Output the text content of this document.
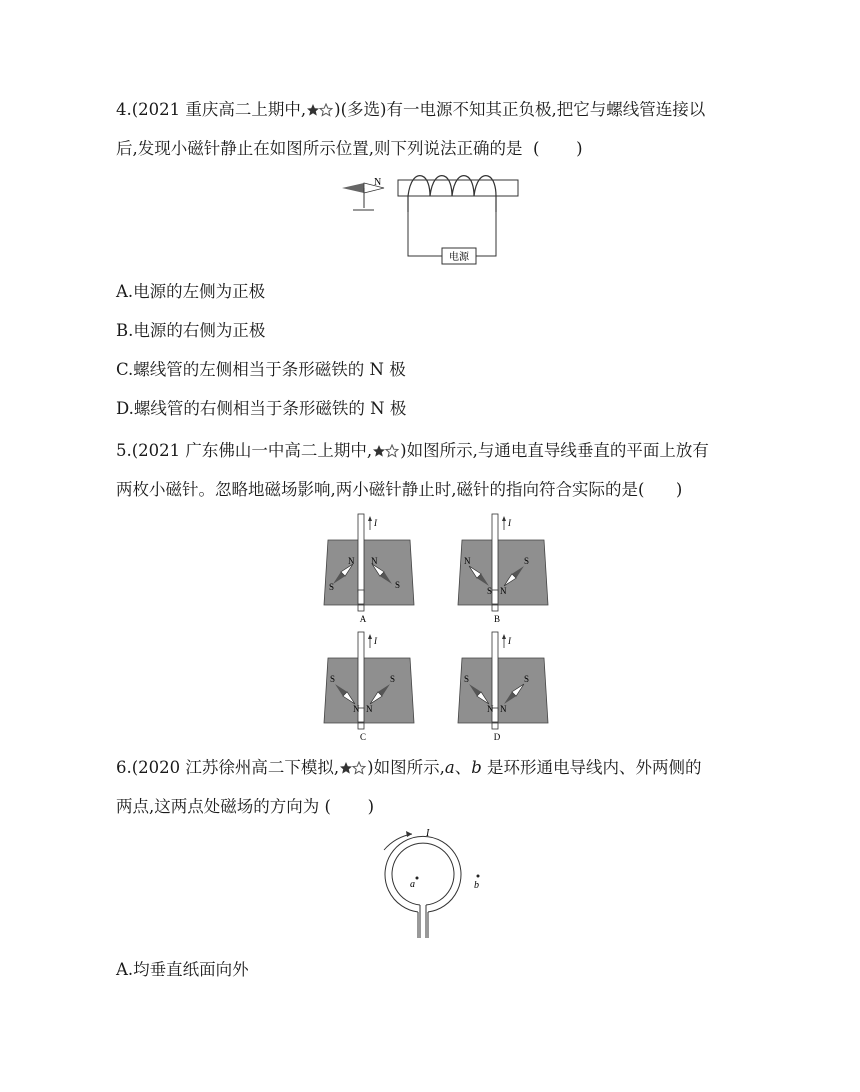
4.(2021 重庆高二上期中, )(多选)有一电源不知其正负极,把它与螺线管连接以
后,发现小磁针静止在如图所示位置,则下列说法正确的是  (       )
N
电源
A.电源的左侧为正极
B.电源的右侧为正极
C.螺线管的左侧相当于条形磁铁的 N 极
D.螺线管的右侧相当于条形磁铁的 N 极
5.(2021 广东佛山一中高二上期中, )如图所示,与通电直导线垂直的平面上放有
两枚小磁针。忽略地磁场影响,两小磁针静止时,磁针的指向符合实际的是(      )
I
N
S
N
S
A
I
N
S
S
N
B
I
S
N
S
N
C
I
S
N
S
N
D
6.(2020 江苏徐州高二下模拟, )如图所示,a、b 是环形通电导线内、外两侧的
两点,这两点处磁场的方向为 (       )
I
a	b
A.均垂直纸面向外
